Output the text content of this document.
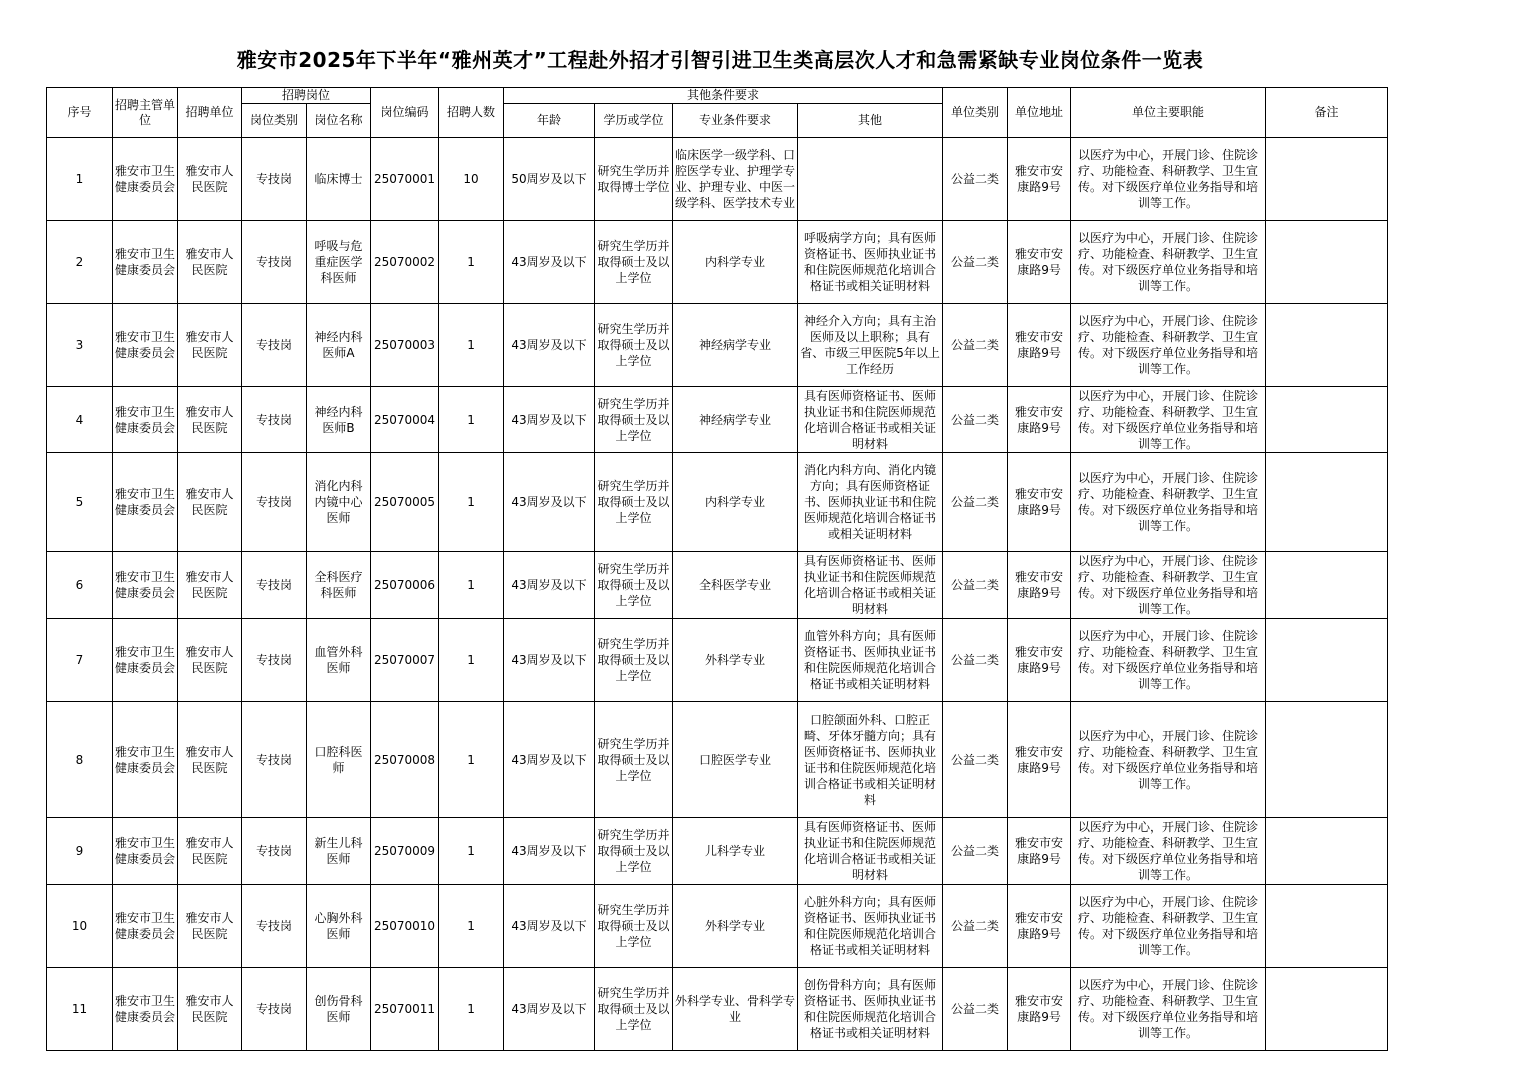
雅安市2025年下半年“雅州英才”工程赴外招才引智引进卫生类高层次人才和急需紧缺专业岗位条件一览表
序号	招聘主管单位	招聘单位	招聘岗位		岗位编码	招聘人数	其他条件要求				单位类别	单位地址	单位主要职能	备注
			岗位类别	岗位名称			年龄	学历或学位	专业条件要求	其他				
1	雅安市卫生健康委员会	雅安市人民医院	专技岗	临床博士	25070001	10	50周岁及以下	研究生学历并取得博士学位	临床医学一级学科、口腔医学专业、护理学专业、护理专业、中医一级学科、医学技术专业		公益二类	雅安市安康路9号	以医疗为中心，开展门诊、住院诊疗、功能检查、科研教学、卫生宣传。对下级医疗单位业务指导和培训等工作。	
2	雅安市卫生健康委员会	雅安市人民医院	专技岗	呼吸与危重症医学科医师	25070002	1	43周岁及以下	研究生学历并取得硕士及以上学位	内科学专业	呼吸病学方向；具有医师资格证书、医师执业证书和住院医师规范化培训合格证书或相关证明材料	公益二类	雅安市安康路9号	以医疗为中心，开展门诊、住院诊疗、功能检查、科研教学、卫生宣传。对下级医疗单位业务指导和培训等工作。	
3	雅安市卫生健康委员会	雅安市人民医院	专技岗	神经内科医师A	25070003	1	43周岁及以下	研究生学历并取得硕士及以上学位	神经病学专业	神经介入方向；具有主治医师及以上职称；具有省、市级三甲医院5年以上工作经历	公益二类	雅安市安康路9号	以医疗为中心，开展门诊、住院诊疗、功能检查、科研教学、卫生宣传。对下级医疗单位业务指导和培训等工作。	
4	雅安市卫生健康委员会	雅安市人民医院	专技岗	神经内科医师B	25070004	1	43周岁及以下	研究生学历并取得硕士及以上学位	神经病学专业	具有医师资格证书、医师执业证书和住院医师规范化培训合格证书或相关证明材料	公益二类	雅安市安康路9号	以医疗为中心，开展门诊、住院诊疗、功能检查、科研教学、卫生宣传。对下级医疗单位业务指导和培训等工作。	
5	雅安市卫生健康委员会	雅安市人民医院	专技岗	消化内科内镜中心医师	25070005	1	43周岁及以下	研究生学历并取得硕士及以上学位	内科学专业	消化内科方向、消化内镜方向；具有医师资格证书、医师执业证书和住院医师规范化培训合格证书或相关证明材料	公益二类	雅安市安康路9号	以医疗为中心，开展门诊、住院诊疗、功能检查、科研教学、卫生宣传。对下级医疗单位业务指导和培训等工作。	
6	雅安市卫生健康委员会	雅安市人民医院	专技岗	全科医疗科医师	25070006	1	43周岁及以下	研究生学历并取得硕士及以上学位	全科医学专业	具有医师资格证书、医师执业证书和住院医师规范化培训合格证书或相关证明材料	公益二类	雅安市安康路9号	以医疗为中心，开展门诊、住院诊疗、功能检查、科研教学、卫生宣传。对下级医疗单位业务指导和培训等工作。	
7	雅安市卫生健康委员会	雅安市人民医院	专技岗	血管外科医师	25070007	1	43周岁及以下	研究生学历并取得硕士及以上学位	外科学专业	血管外科方向；具有医师资格证书、医师执业证书和住院医师规范化培训合格证书或相关证明材料	公益二类	雅安市安康路9号	以医疗为中心，开展门诊、住院诊疗、功能检查、科研教学、卫生宣传。对下级医疗单位业务指导和培训等工作。	
8	雅安市卫生健康委员会	雅安市人民医院	专技岗	口腔科医师	25070008	1	43周岁及以下	研究生学历并取得硕士及以上学位	口腔医学专业	口腔颌面外科、口腔正畸、牙体牙髓方向；具有医师资格证书、医师执业证书和住院医师规范化培训合格证书或相关证明材料	公益二类	雅安市安康路9号	以医疗为中心，开展门诊、住院诊疗、功能检查、科研教学、卫生宣传。对下级医疗单位业务指导和培训等工作。	
9	雅安市卫生健康委员会	雅安市人民医院	专技岗	新生儿科医师	25070009	1	43周岁及以下	研究生学历并取得硕士及以上学位	儿科学专业	具有医师资格证书、医师执业证书和住院医师规范化培训合格证书或相关证明材料	公益二类	雅安市安康路9号	以医疗为中心，开展门诊、住院诊疗、功能检查、科研教学、卫生宣传。对下级医疗单位业务指导和培训等工作。	
10	雅安市卫生健康委员会	雅安市人民医院	专技岗	心胸外科医师	25070010	1	43周岁及以下	研究生学历并取得硕士及以上学位	外科学专业	心脏外科方向；具有医师资格证书、医师执业证书和住院医师规范化培训合格证书或相关证明材料	公益二类	雅安市安康路9号	以医疗为中心，开展门诊、住院诊疗、功能检查、科研教学、卫生宣传。对下级医疗单位业务指导和培训等工作。	
11	雅安市卫生健康委员会	雅安市人民医院	专技岗	创伤骨科医师	25070011	1	43周岁及以下	研究生学历并取得硕士及以上学位	外科学专业、骨科学专业	创伤骨科方向；具有医师资格证书、医师执业证书和住院医师规范化培训合格证书或相关证明材料	公益二类	雅安市安康路9号	以医疗为中心，开展门诊、住院诊疗、功能检查、科研教学、卫生宣传。对下级医疗单位业务指导和培训等工作。	
